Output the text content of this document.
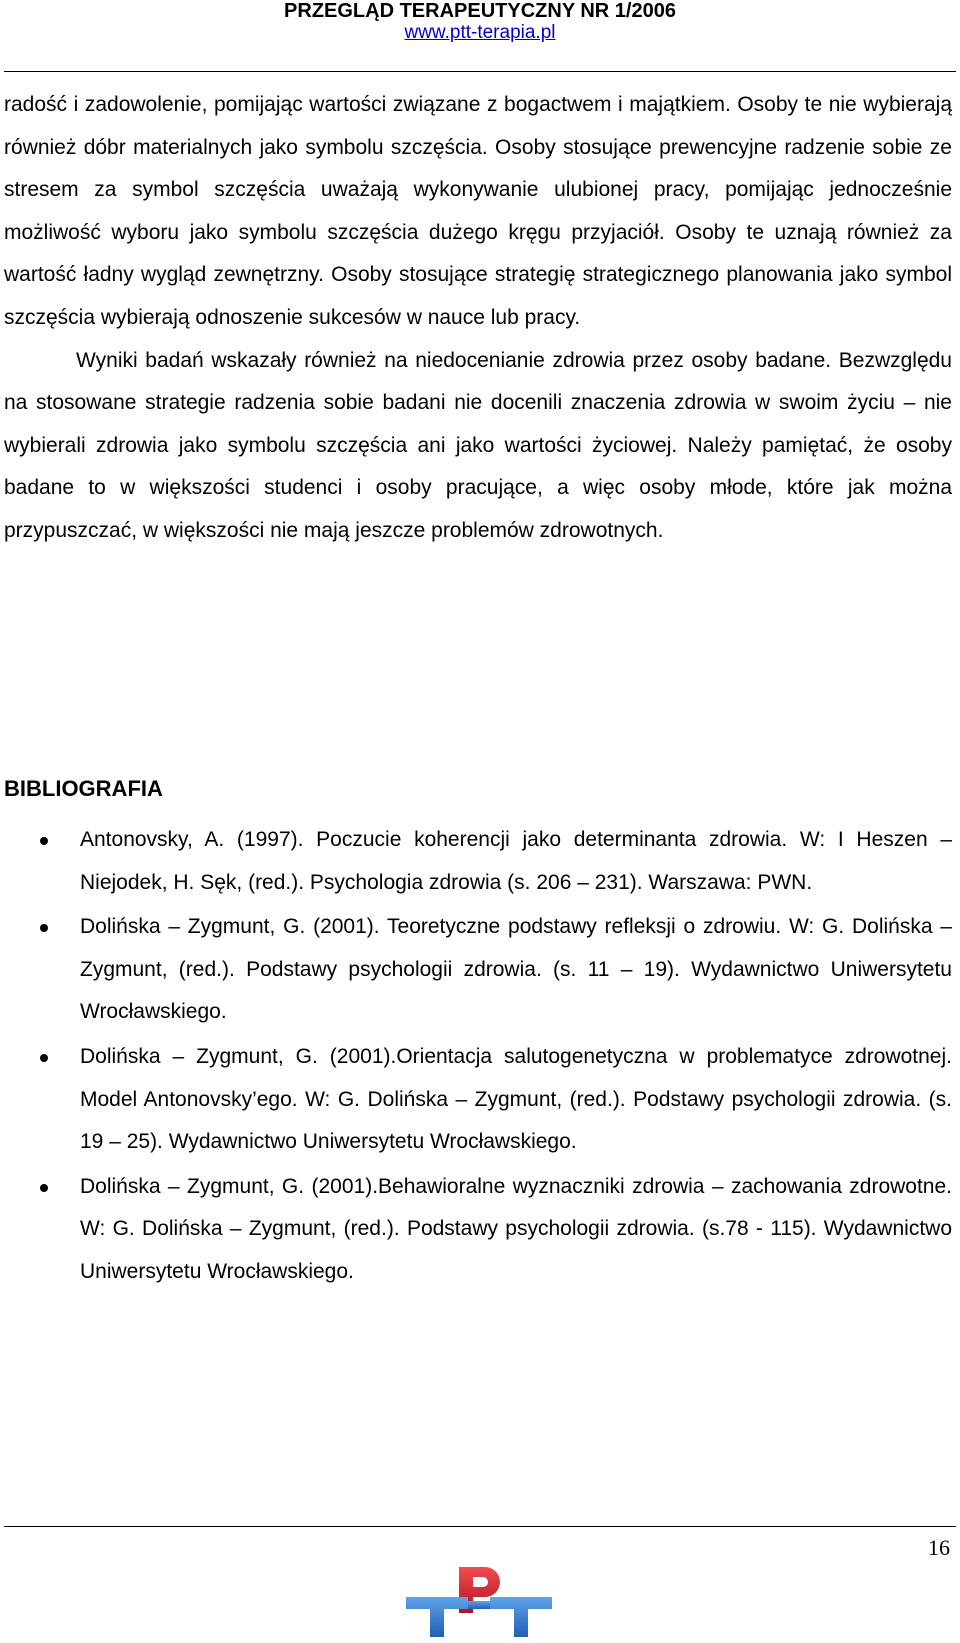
PRZEGLĄD TERAPEUTYCZNY NR 1/2006
www.ptt-terapia.pl

radość i zadowolenie, pomijając wartości związane z bogactwem i majątkiem. Osoby te nie wybierają również dóbr materialnych jako symbolu szczęścia. Osoby stosujące prewencyjne radzenie sobie ze stresem za symbol szczęścia uważają wykonywanie ulubionej pracy, pomijając jednocześnie możliwość wyboru jako symbolu szczęścia dużego kręgu przyjaciół. Osoby te uznają również za wartość ładny wygląd zewnętrzny. Osoby stosujące strategię strategicznego planowania jako symbol szczęścia wybierają odnoszenie sukcesów w nauce lub pracy.

Wyniki badań wskazały również na niedocenianie zdrowia przez osoby badane. Bezwzględu na stosowane strategie radzenia sobie badani nie docenili znaczenia zdrowia w swoim życiu – nie wybierali zdrowia jako symbolu szczęścia ani jako wartości życiowej. Należy pamiętać, że osoby badane to w większości studenci i osoby pracujące, a więc osoby młode, które jak można przypuszczać, w większości nie mają jeszcze problemów zdrowotnych.

BIBLIOGRAFIA
Antonovsky, A. (1997). Poczucie koherencji jako determinanta zdrowia. W: I Heszen – Niejodek, H. Sęk, (red.). Psychologia zdrowia (s. 206 – 231). Warszawa: PWN.
Dolińska – Zygmunt, G. (2001). Teoretyczne podstawy refleksji o zdrowiu. W: G. Dolińska – Zygmunt, (red.). Podstawy psychologii zdrowia. (s. 11 – 19). Wydawnictwo Uniwersytetu Wrocławskiego.
Dolińska – Zygmunt, G. (2001).Orientacja salutogenetyczna w problematyce zdrowotnej. Model Antonovsky’ego. W: G. Dolińska – Zygmunt, (red.). Podstawy psychologii zdrowia. (s. 19 – 25). Wydawnictwo Uniwersytetu Wrocławskiego.
Dolińska – Zygmunt, G. (2001).Behawioralne wyznaczniki zdrowia – zachowania zdrowotne. W: G. Dolińska – Zygmunt, (red.). Podstawy psychologii zdrowia. (s.78 - 115). Wydawnictwo Uniwersytetu Wrocławskiego.
16
